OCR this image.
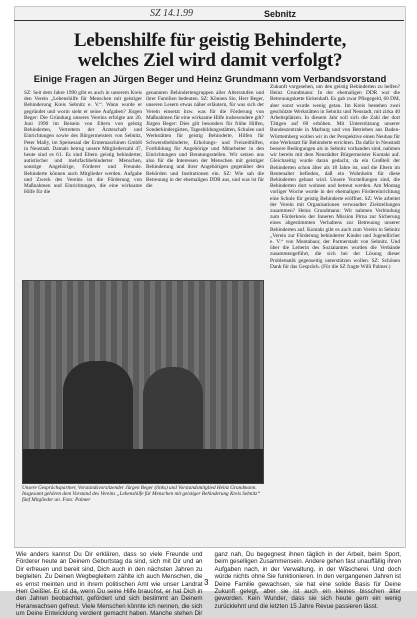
SZ 14.1.99	Sebnitz
Lebenshilfe für geistig Behinderte,
welches Ziel wird damit verfolgt?
Einige Fragen an Jürgen Beger und Heinz Grundmann vom Verbandsvorstand
SZ: Seit dem Jahre 1990 gibt es auch in unserem Kreis den Verein „Lebenshilfe für Menschen mit geistiger Behinderung Kreis Sebnitz e. V.“. Wann wurde er gegründet und worin sieht er seine Aufgaben? Jürgen Beger: Die Gründung unseres Vereins erfolgte am 20. Juni 1990 im Beisein von Eltern von geistig Behinderten, Vertretern der Ärzteschaft und Einrichtungen sowie des Bürgermeisters von Sebnitz, Peter Mally, im Speisesaal der Erntemaschinen GmbH in Neustadt. Damals betrug unsere Mitgliederzahl 47, heute sind es 61. Es sind Eltern geistig behinderter, autistischer und mehrfachbehinderter Menschen, sonstige Angehörige, Förderer und Freunde. Behinderte können auch Mitglieder werden. Aufgabe und Zweck des Vereins ist die Förderung von Maßnahmen und Einrichtungen, die eine wirksame Hilfe für die
genannten Behindertengruppen aller Altersstufen und ihrer Familien bedeuten. SZ: Können Sie, Herr Beger, unseren Lesern etwas näher erläutern, für was sich der Verein einsetzt bzw. was für die Förderung von Maßnahmen für eine wirksame Hilfe insbesondere gilt? Jürgen Beger: Dies gilt besonders für frühe Hilfen, Sonderkindergärten, Tagesbildungsstätten, Schulen und Werkstätten für geistig Behinderte, Hilfen für Schwerstbehinderte, Erholungs- und Freizeithilfen, Fortbildung für Angehörige und Mitarbeiter in den Einrichtungen und Beratungsstellen. Wir setzen uns also für die Interessen der Menschen mit geistiger Behinderung und ihrer Angehörigen gegenüber den Behörden und Institutionen ein. SZ: Wie sah die Betreuung in der ehemaligen DDR aus, und was ist für die
Zukunft vorgesehen, um den geistig Behinderten zu helfen? Heinz Grundmann: In der ehemaligen DDR war die Betreuungskette lückenhaft. Es gab zwar Pflegegeld, 60 DM, aber sonst wurde wenig getan. Im Kreis bestehen zwei geschützte Werkstätten in Sebnitz und Neustadt, mit zirka 40 Arbeitsplätzen. In diesem Jahr soll sich die Zahl der dort Tätigen auf 60 erhöhen. Mit Unterstützung unserer Bundeszentrale in Marburg und von Betrieben aus Baden-Württemberg wollen wir in der Perspektive einen Neubau für eine Werkstatt für Behinderte errichten. Da dafür in Neustadt bessere Bedingungen als in Sebnitz vorhanden sind, nahmen wir bereits mit dem Neustädter Bürgermeister Kontakt auf. Gleichzeitig wurde daran gedacht, da ein Großteil der Behinderten schon älter als 18 Jahre ist, und die Eltern im Rentenalter befinden, daß ein Wohnheim für diese Behinderten gebaut wird. Unsere Vorstellungen sind, die Behinderten dort wohnen und betreut werden. Am Montag vorliger Woche wurde in der ehemaligen Fördereinrichtung eine Schule für geistig Behinderte eröffnet. SZ: Wie arbeitet der Verein mit Organisationen verwandter Zielstellungen zusammen? Heinz Grundmann: Wir nahmen Verbindung zum Förderkreis der Inneren Mission Pirna zur Sicherung eines abgestimmten Verhaltens zur Betreuung unserer Behinderten auf. Kontakt gibt es auch zum Verein in Sebnitz „Verein zur Förderung behinderter Kinder und Jugendlicher e. V.“ von Montabaur, der Partnerstadt von Sebnitz. Und über die Leiterin des Sozialamtes wurden die Verbände zusammengeführt, die sich bei der Lösung dieser Problematik gegenseitig unterstützen wollen. SZ: Schönen Dank für das Gespräch. (Für die SZ fragte Willi Palmer.)
Unsere Gesprächspartner, Vorstandsvorsitzender Jürgen Beger (links) und Vorstandsmitglied Heinz Grundmann. Insgesamt gehören dem Vorstand des Vereins „Lebenshilfe für Menschen mit geistiger Behinderung Kreis Sebnitz“ fünf Mitglieder an. Foto: Palmer
Wie anders kannst Du Dir erklären, dass so viele Freunde und Förderer heute an Deinem Geburtstag da sind, sich mit Dir und an Dir erfreuen und bereit sind, Dich auch in den nächsten Jahren zu begleiten. Zu Deinen Wegbegleitern zählte ich auch Menschen, die es ernst meinten und in ihrem politischen Amt wie unser Landrat Herr Geißler. Er ist da, wenn Du seine Hilfe brauchst, er hat Dich in den Jahren beobachtet, gefördert und sich bestimmt an Deinem Heranwachsen gefreut. Viele Menschen könnte ich nennen, die sich um Deine Entwicklung verdient gemacht haben. Manche stehen Dir ganz nah, Du begegnest ihnen täglich in der Arbeit, beim Sport, beim geselligen Zusammensein. Andere gehen fast unauffällig ihren Aufgaben nach, in der Verwaltung, in der Wäscherei. Und doch würde nichts ohne Sie funktionieren. In den vergangenen Jahren ist Deine Familie gewachsen, sie hat eine solide Basis für Deine Zukunft gelegt, aber sie ist auch ein kleines bisschen älter geworden. Kein Wunder, dass sie sich heute gern ein wenig zurücklehnt und die letzten 15 Jahre Revue passieren lässt.
3
